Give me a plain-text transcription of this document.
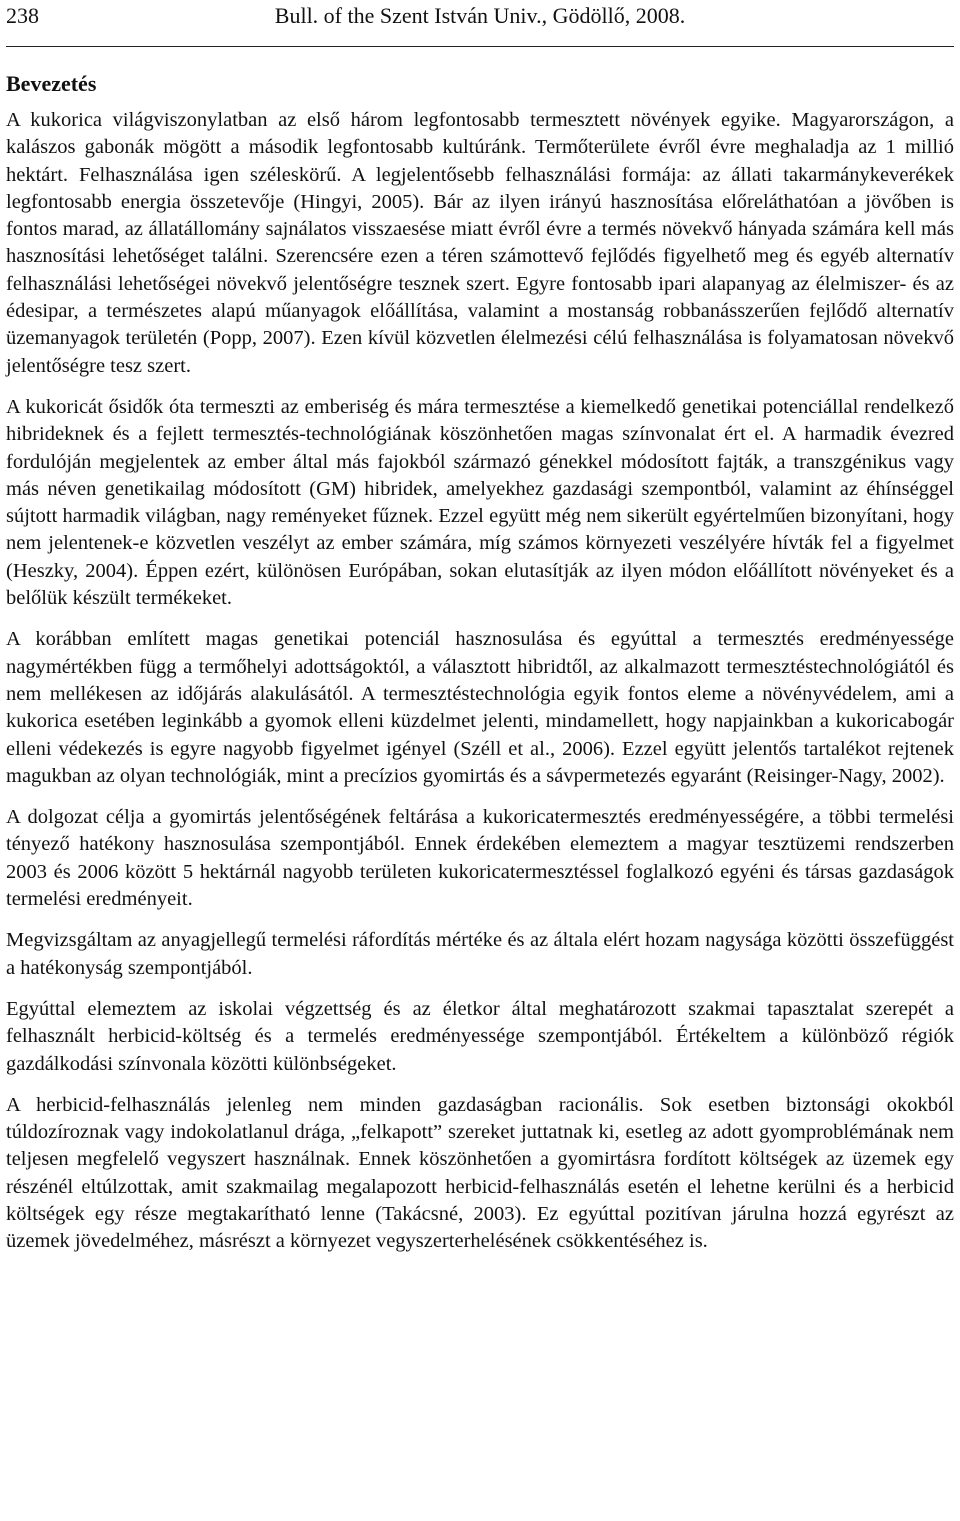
238	Bull. of the Szent István Univ., Gödöllő, 2008.
Bevezetés

A kukorica világviszonylatban az első három legfontosabb termesztett növények egyike. Magyarországon, a kalászos gabonák mögött a második legfontosabb kultúránk. Termőterülete évről évre meghaladja az 1 millió hektárt. Felhasználása igen széleskörű. A legjelentősebb felhasználási formája: az állati takarmánykeverékek legfontosabb energia összetevője (Hingyi, 2005). Bár az ilyen irányú hasznosítása előreláthatóan a jövőben is fontos marad, az állatállomány sajnálatos visszaesése miatt évről évre a termés növekvő hányada számára kell más hasznosítási lehetőséget találni. Szerencsére ezen a téren számottevő fejlődés figyelhető meg és egyéb alternatív felhasználási lehetőségei növekvő jelentőségre tesznek szert. Egyre fontosabb ipari alapanyag az élelmiszer- és az édesipar, a természetes alapú műanyagok előállítása, valamint a mostanság robbanásszerűen fejlődő alternatív üzemanyagok területén (Popp, 2007). Ezen kívül közvetlen élelmezési célú felhasználása is folyamatosan növekvő jelentőségre tesz szert.

A kukoricát ősidők óta termeszti az emberiség és mára termesztése a kiemelkedő genetikai potenciállal rendelkező hibrideknek és a fejlett termesztés-technológiának köszönhetően magas színvonalat ért el. A harmadik évezred fordulóján megjelentek az ember által más fajokból származó génekkel módosított fajták, a transzgénikus vagy más néven genetikailag módosított (GM) hibridek, amelyekhez gazdasági szempontból, valamint az éhínséggel sújtott harmadik világban, nagy reményeket fűznek. Ezzel együtt még nem sikerült egyértelműen bizonyítani, hogy nem jelentenek-e közvetlen veszélyt az ember számára, míg számos környezeti veszélyére hívták fel a figyelmet (Heszky, 2004). Éppen ezért, különösen Európában, sokan elutasítják az ilyen módon előállított növényeket és a belőlük készült termékeket.

A korábban említett magas genetikai potenciál hasznosulása és egyúttal a termesztés eredményessége nagymértékben függ a termőhelyi adottságoktól, a választott hibridtől, az alkalmazott termesztéstechnológiától és nem mellékesen az időjárás alakulásától. A termesztéstechnológia egyik fontos eleme a növényvédelem, ami a kukorica esetében leginkább a gyomok elleni küzdelmet jelenti, mindamellett, hogy napjainkban a kukoricabogár elleni védekezés is egyre nagyobb figyelmet igényel (Széll et al., 2006). Ezzel együtt jelentős tartalékot rejtenek magukban az olyan technológiák, mint a precízios gyomirtás és a sávpermetezés egyaránt (Reisinger-Nagy, 2002).

A dolgozat célja a gyomirtás jelentőségének feltárása a kukoricatermesztés eredményességére, a többi termelési tényező hatékony hasznosulása szempontjából. Ennek érdekében elemeztem a magyar tesztüzemi rendszerben 2003 és 2006 között 5 hektárnál nagyobb területen kukoricatermesztéssel foglalkozó egyéni és társas gazdaságok termelési eredményeit.

Megvizsgáltam az anyagjellegű termelési ráfordítás mértéke és az általa elért hozam nagysága közötti összefüggést a hatékonyság szempontjából.

Egyúttal elemeztem az iskolai végzettség és az életkor által meghatározott szakmai tapasztalat szerepét a felhasznált herbicid-költség és a termelés eredményessége szempontjából. Értékeltem a különböző régiók gazdálkodási színvonala közötti különbségeket.

A herbicid-felhasználás jelenleg nem minden gazdaságban racionális. Sok esetben biztonsági okokból túldozíroznak vagy indokolatlanul drága, „felkapott” szereket juttatnak ki, esetleg az adott gyomproblémának nem teljesen megfelelő vegyszert használnak. Ennek köszönhetően a gyomirtásra fordított költségek az üzemek egy részénél eltúlzottak, amit szakmailag megalapozott herbicid-felhasználás esetén el lehetne kerülni és a herbicid költségek egy része megtakarítható lenne (Takácsné, 2003). Ez egyúttal pozitívan járulna hozzá egyrészt az üzemek jövedelméhez, másrészt a környezet vegyszerterhelésének csökkentéséhez is.
